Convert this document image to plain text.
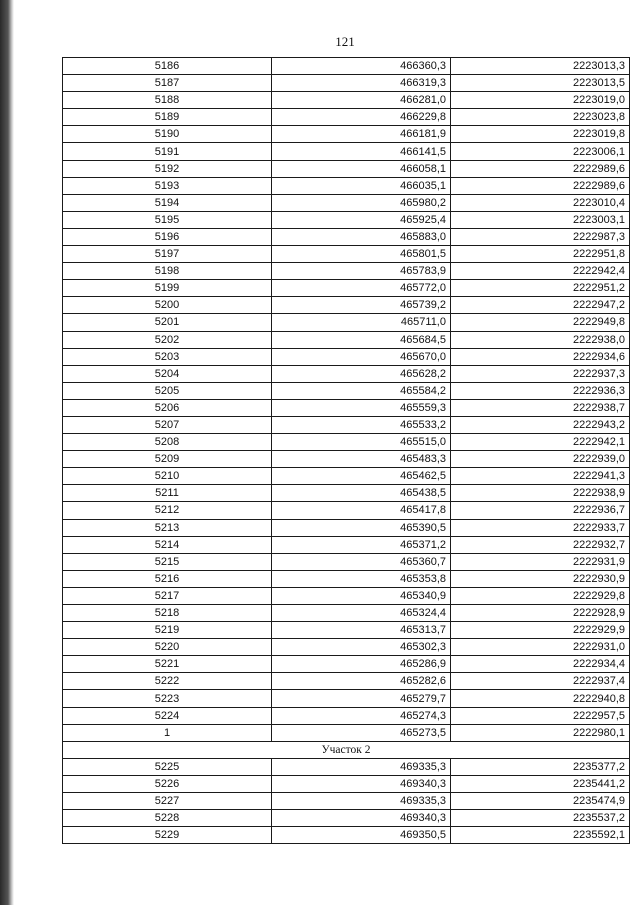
121
5186	466360,3	2223013,3
5187	466319,3	2223013,5
5188	466281,0	2223019,0
5189	466229,8	2223023,8
5190	466181,9	2223019,8
5191	466141,5	2223006,1
5192	466058,1	2222989,6
5193	466035,1	2222989,6
5194	465980,2	2223010,4
5195	465925,4	2223003,1
5196	465883,0	2222987,3
5197	465801,5	2222951,8
5198	465783,9	2222942,4
5199	465772,0	2222951,2
5200	465739,2	2222947,2
5201	465711,0	2222949,8
5202	465684,5	2222938,0
5203	465670,0	2222934,6
5204	465628,2	2222937,3
5205	465584,2	2222936,3
5206	465559,3	2222938,7
5207	465533,2	2222943,2
5208	465515,0	2222942,1
5209	465483,3	2222939,0
5210	465462,5	2222941,3
5211	465438,5	2222938,9
5212	465417,8	2222936,7
5213	465390,5	2222933,7
5214	465371,2	2222932,7
5215	465360,7	2222931,9
5216	465353,8	2222930,9
5217	465340,9	2222929,8
5218	465324,4	2222928,9
5219	465313,7	2222929,9
5220	465302,3	2222931,0
5221	465286,9	2222934,4
5222	465282,6	2222937,4
5223	465279,7	2222940,8
5224	465274,3	2222957,5
1	465273,5	2222980,1
Участок 2		
5225	469335,3	2235377,2
5226	469340,3	2235441,2
5227	469335,3	2235474,9
5228	469340,3	2235537,2
5229	469350,5	2235592,1
